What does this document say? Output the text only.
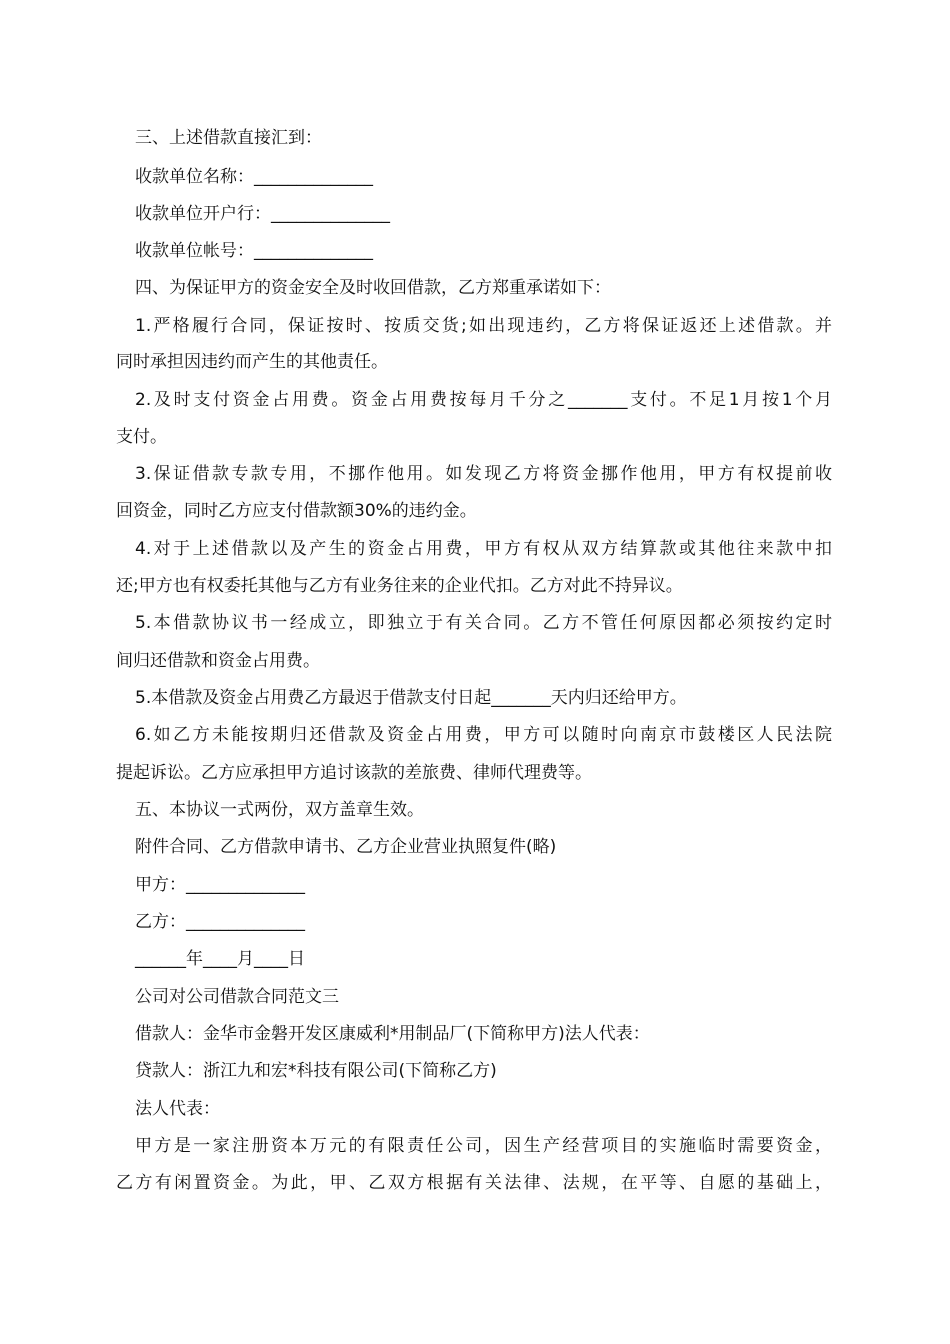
三、上述借款直接汇到：
收款单位名称：______________
收款单位开户行：______________
收款单位帐号：______________
四、为保证甲方的资金安全及时收回借款，乙方郑重承诺如下：
1.严格履行合同，保证按时、按质交货;如出现违约，乙方将保证返还上述借款。并
同时承担因违约而产生的其他责任。
2.及时支付资金占用费。资金占用费按每月千分之_______支付。不足1月按1个月
支付。
3.保证借款专款专用，不挪作他用。如发现乙方将资金挪作他用，甲方有权提前收
回资金，同时乙方应支付借款额30%的违约金。
4.对于上述借款以及产生的资金占用费，甲方有权从双方结算款或其他往来款中扣
还;甲方也有权委托其他与乙方有业务往来的企业代扣。乙方对此不持异议。
5.本借款协议书一经成立，即独立于有关合同。乙方不管任何原因都必须按约定时
间归还借款和资金占用费。
5.本借款及资金占用费乙方最迟于借款支付日起_______天内归还给甲方。
6.如乙方未能按期归还借款及资金占用费，甲方可以随时向南京市鼓楼区人民法院
提起诉讼。乙方应承担甲方追讨该款的差旅费、律师代理费等。
五、本协议一式两份，双方盖章生效。
附件合同、乙方借款申请书、乙方企业营业执照复件(略)
甲方：______________
乙方：______________
______年____月____日
公司对公司借款合同范文三
借款人：金华市金磐开发区康威利*用制品厂(下简称甲方)法人代表：
贷款人：浙江九和宏*科技有限公司(下简称乙方)
法人代表：
甲方是一家注册资本万元的有限责任公司，因生产经营项目的实施临时需要资金，
乙方有闲置资金。为此，甲、乙双方根据有关法律、法规，在平等、自愿的基础上，
